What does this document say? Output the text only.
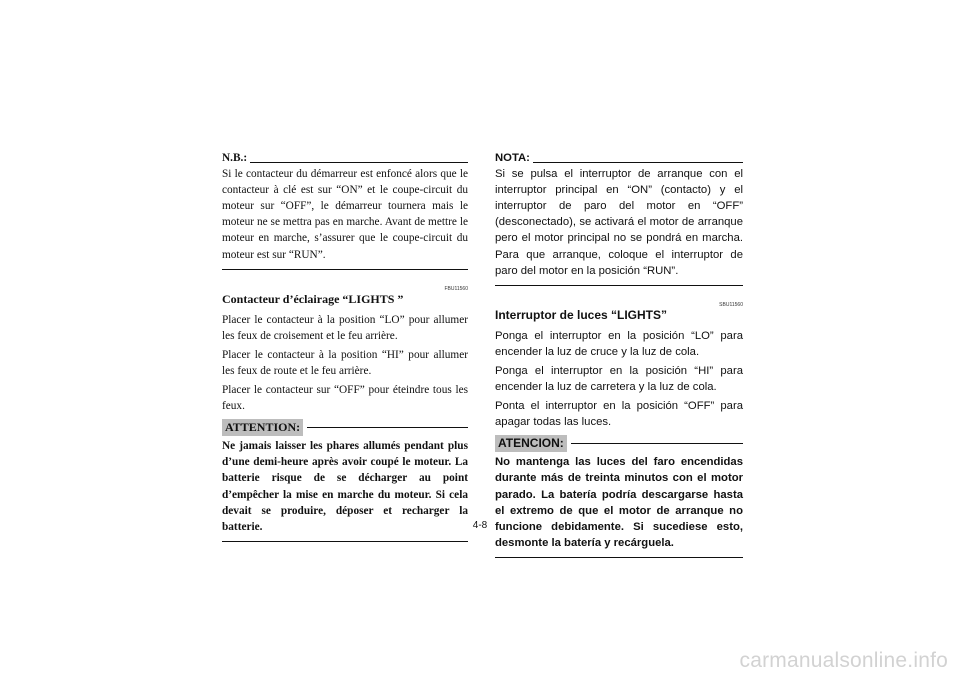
N.B.:

Si le contacteur du démarreur est enfoncé alors que le contacteur à clé est sur “ON” et le coupe-circuit du moteur sur “OFF”, le démarreur tournera mais le moteur ne se mettra pas en marche. Avant de mettre le moteur en marche, s’assurer que le coupe-circuit du moteur est sur “RUN”.

FBU11560

Contacteur d’éclairage “LIGHTS ”

Placer le contacteur à la position “LO” pour allumer les feux de croisement et le feu arrière.

Placer le contacteur à la position “HI” pour allumer les feux de route et le feu arrière.

Placer le contacteur sur “OFF” pour éteindre tous les feux.

ATTENTION:

Ne jamais laisser les phares allumés pendant plus d’une demi-heure après avoir coupé le moteur. La batterie risque de se décharger au point d’empêcher la mise en marche du moteur. Si cela devait se produire, déposer et recharger la batterie.

NOTA:

Si se pulsa el interruptor de arranque con el interruptor principal en “ON” (contacto) y el interruptor de paro del motor en “OFF” (desconectado), se activará el motor de arranque pero el motor principal no se pondrá en marcha. Para que arranque, coloque el interruptor de paro del motor en la posición “RUN”.

SBU11560

Interruptor de luces “LIGHTS”

Ponga el interruptor en la posición “LO” para encender la luz de cruce y la luz de cola.

Ponga el interruptor en la posición “HI” para encender la luz de carretera y la luz de cola.

Ponta el interruptor en la posición “OFF” para apagar todas las luces.

ATENCION:

No mantenga las luces del faro encendidas durante más de treinta minutos con el motor parado. La batería podría descargarse hasta el extremo de que el motor de arranque no funcione debidamente. Si sucediese esto, desmonte la batería y recárguela.

4-8
carmanualsonline.info
